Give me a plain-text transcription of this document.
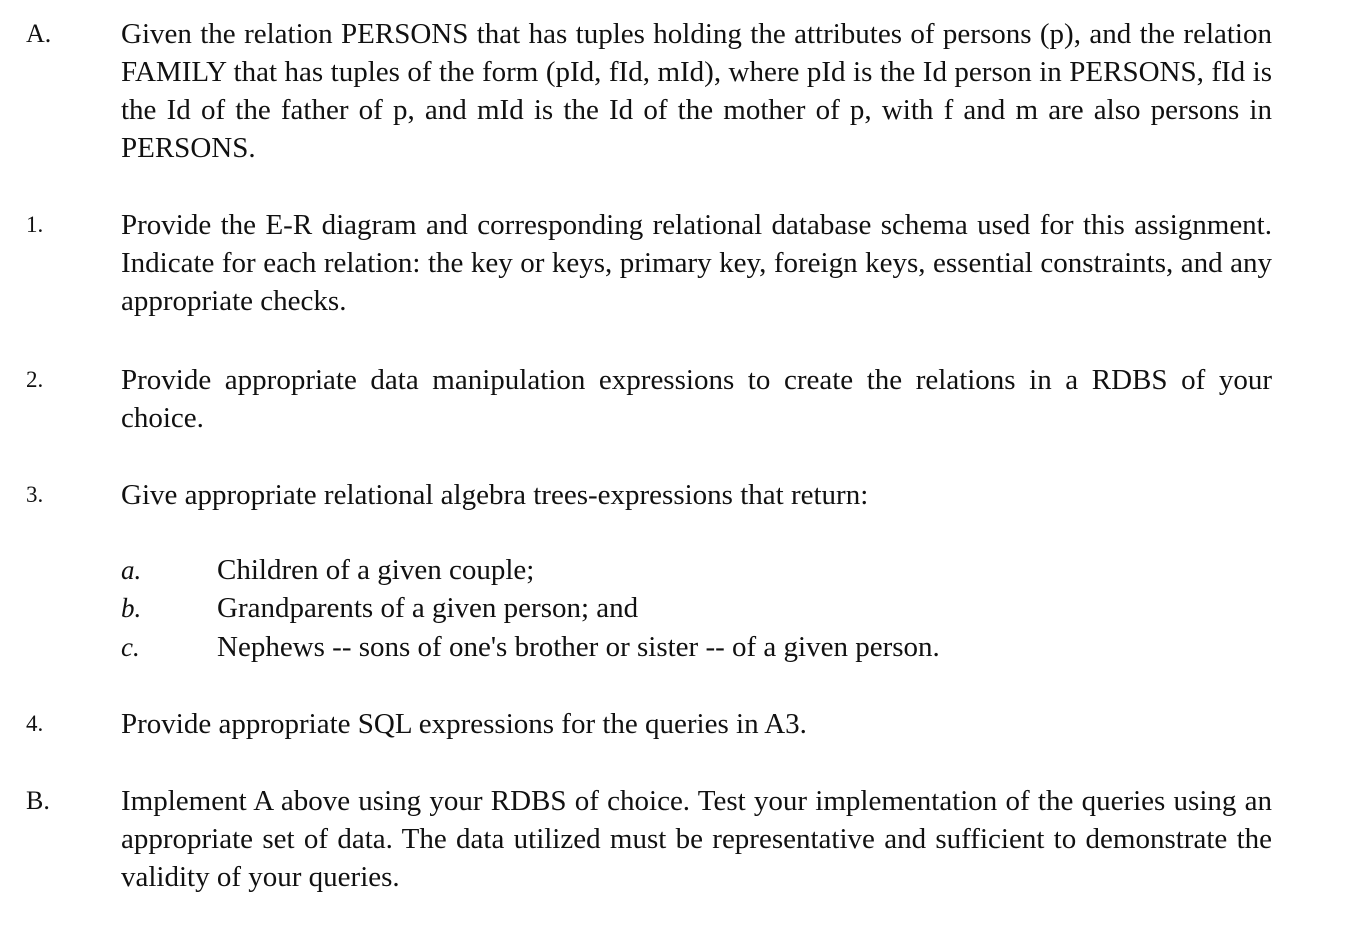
A. Given the relation PERSONS that has tuples holding the attributes of persons (p), and the relation FAMILY that has tuples of the form (pId, fId, mId), where pId is the Id person in PERSONS, fId is the Id of the father of p, and mId is the Id of the mother of p, with f and m are also persons in PERSONS.

1.	Provide the E-R diagram and corresponding relational database schema used for this assignment. Indicate for each relation: the key or keys, primary key, foreign keys, essential constraints, and any appropriate checks.

2.	Provide appropriate data manipulation expressions to create the relations in a RDBS of your choice.

3.	Give appropriate relational algebra trees-expressions that return:

a.	Children of a given couple;
b.	Grandparents of a given person; and
c.	Nephews -- sons of one's brother or sister -- of a given person.
4.	Provide appropriate SQL expressions for the queries in A3.

B. Implement A above using your RDBS of choice. Test your implementation of the queries using an appropriate set of data. The data utilized must be representative and sufficient to demonstrate the validity of your queries.
